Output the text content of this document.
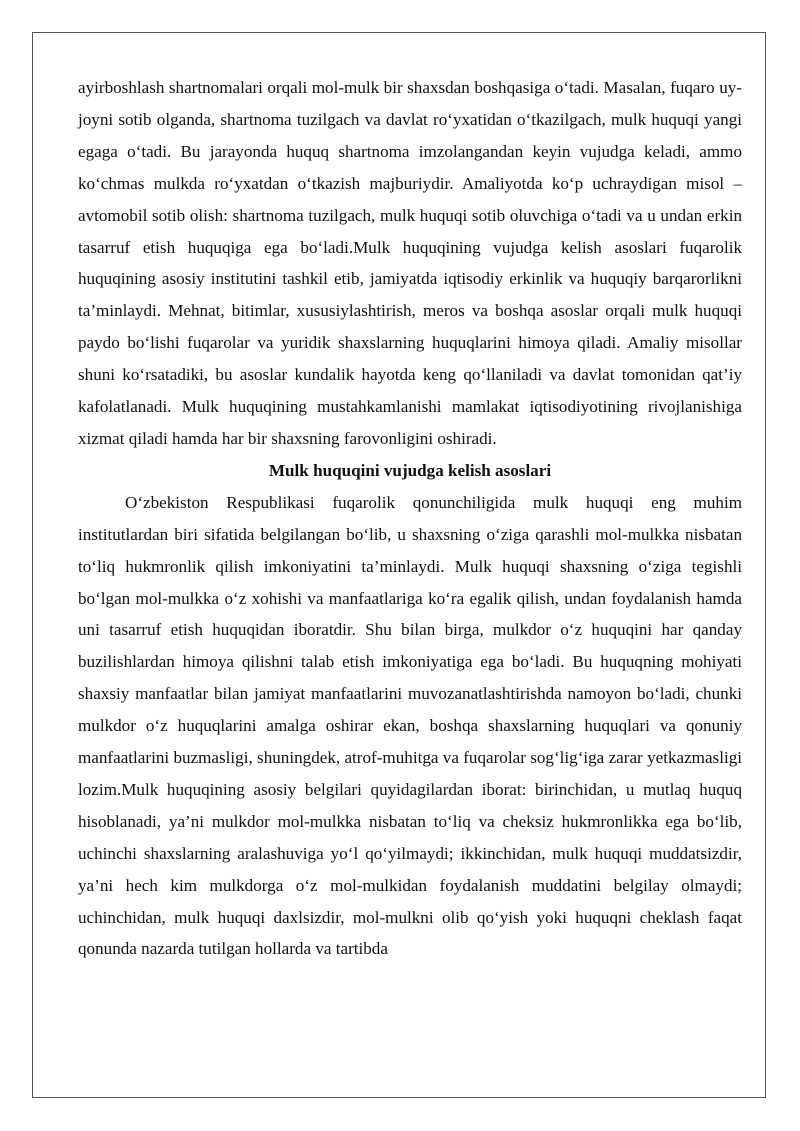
ayirboshlash shartnomalari orqali mol-mulk bir shaxsdan boshqasiga o‘tadi. Masalan, fuqaro uy-joyni sotib olganda, shartnoma tuzilgach va davlat ro‘yxatidan o‘tkazilgach, mulk huquqi yangi egaga o‘tadi. Bu jarayonda huquq shartnoma imzolangandan keyin vujudga keladi, ammo ko‘chmas mulkda ro‘yxatdan o‘tkazish majburiydir. Amaliyotda ko‘p uchraydigan misol – avtomobil sotib olish: shartnoma tuzilgach, mulk huquqi sotib oluvchiga o‘tadi va u undan erkin tasarruf etish huquqiga ega bo‘ladi.Mulk huquqining vujudga kelish asoslari fuqarolik huquqining asosiy institutini tashkil etib, jamiyatda iqtisodiy erkinlik va huquqiy barqarorlikni ta’minlaydi. Mehnat, bitimlar, xususiylashtirish, meros va boshqa asoslar orqali mulk huquqi paydo bo‘lishi fuqarolar va yuridik shaxslarning huquqlarini himoya qiladi. Amaliy misollar shuni ko‘rsatadiki, bu asoslar kundalik hayotda keng qo‘llaniladi va davlat tomonidan qat’iy kafolatlanadi. Mulk huquqining mustahkamlanishi mamlakat iqtisodiyotining rivojlanishiga xizmat qiladi hamda har bir shaxsning farovonligini oshiradi.

Mulk huquqini vujudga kelish asoslari

O‘zbekiston Respublikasi fuqarolik qonunchiligida mulk huquqi eng muhim institutlardan biri sifatida belgilangan bo‘lib, u shaxsning o‘ziga qarashli mol-mulkka nisbatan to‘liq hukmronlik qilish imkoniyatini ta’minlaydi. Mulk huquqi shaxsning o‘ziga tegishli bo‘lgan mol-mulkka o‘z xohishi va manfaatlariga ko‘ra egalik qilish, undan foydalanish hamda uni tasarruf etish huquqidan iboratdir. Shu bilan birga, mulkdor o‘z huquqini har qanday buzilishlardan himoya qilishni talab etish imkoniyatiga ega bo‘ladi. Bu huquqning mohiyati shaxsiy manfaatlar bilan jamiyat manfaatlarini muvozanatlashtirishda namoyon bo‘ladi, chunki mulkdor o‘z huquqlarini amalga oshirar ekan, boshqa shaxslarning huquqlari va qonuniy manfaatlarini buzmasligi, shuningdek, atrof-muhitga va fuqarolar sog‘lig‘iga zarar yetkazmasligi lozim.Mulk huquqining asosiy belgilari quyidagilardan iborat: birinchidan, u mutlaq huquq hisoblanadi, ya’ni mulkdor mol-mulkka nisbatan to‘liq va cheksiz hukmronlikka ega bo‘lib, uchinchi shaxslarning aralashuviga yo‘l qo‘yilmaydi; ikkinchidan, mulk huquqi muddatsizdir, ya’ni hech kim mulkdorga o‘z mol-mulkidan foydalanish muddatini belgilay olmaydi; uchinchidan, mulk huquqi daxlsizdir, mol-mulkni olib qo‘yish yoki huquqni cheklash faqat qonunda nazarda tutilgan hollarda va tartibda
